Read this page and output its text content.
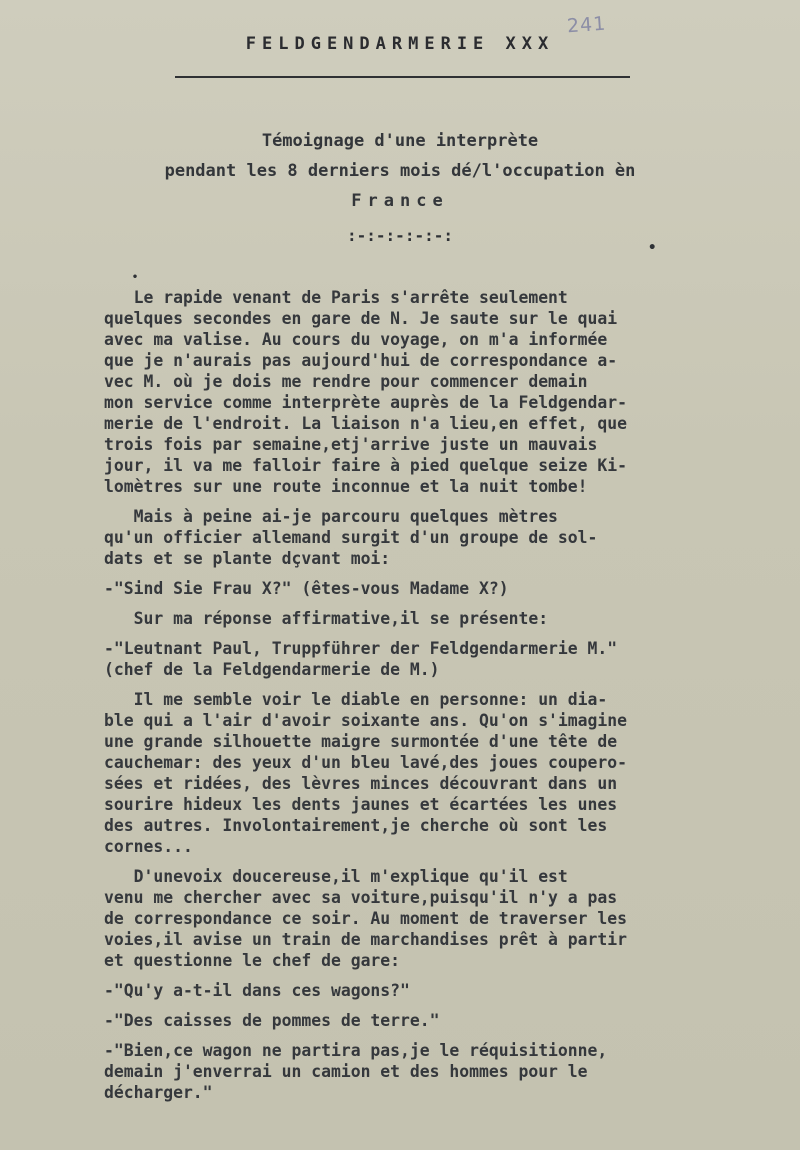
241
FELDGENDARMERIE XXX
Témoignage d'une interprète
pendant les 8 derniers mois dé/l'occupation èn
France
:-:-:-:-:-:
•
•

Le rapide venant de Paris s'arrête seulement
quelques secondes en gare de N. Je saute sur le quai
avec ma valise. Au cours du voyage, on m'a informée
que je n'aurais pas aujourd'hui de correspondance a-
vec M. où je dois me rendre pour commencer demain
mon service comme interprète auprès de la Feldgendar-
merie de l'endroit. La liaison n'a lieu,en effet, que
trois fois par semaine,etj'arrive juste un mauvais
jour, il va me falloir faire à pied quelque seize Ki-
lomètres sur une route inconnue et la nuit tombe!

Mais à peine ai-je parcouru quelques mètres
qu'un officier allemand surgit d'un groupe de sol-
dats et se plante dçvant moi:

-"Sind Sie Frau X?" (êtes-vous Madame X?)

Sur ma réponse affirmative,il se présente:

-"Leutnant Paul, Truppführer der Feldgendarmerie M."
(chef de la Feldgendarmerie de M.)

Il me semble voir le diable en personne: un dia-
ble qui a l'air d'avoir soixante ans. Qu'on s'imagine
une grande silhouette maigre surmontée d'une tête de
cauchemar: des yeux d'un bleu lavé,des joues coupero-
sées et ridées, des lèvres minces découvrant dans un
sourire hideux les dents jaunes et écartées les unes
des autres. Involontairement,je cherche où sont les
cornes...

D'unevoix doucereuse,il m'explique qu'il est
venu me chercher avec sa voiture,puisqu'il n'y a pas
de correspondance ce soir. Au moment de traverser les
voies,il avise un train de marchandises prêt à partir
et questionne le chef de gare:

-"Qu'y a-t-il dans ces wagons?"

-"Des caisses de pommes de terre."

-"Bien,ce wagon ne partira pas,je le réquisitionne,
demain j'enverrai un camion et des hommes pour le
décharger."
